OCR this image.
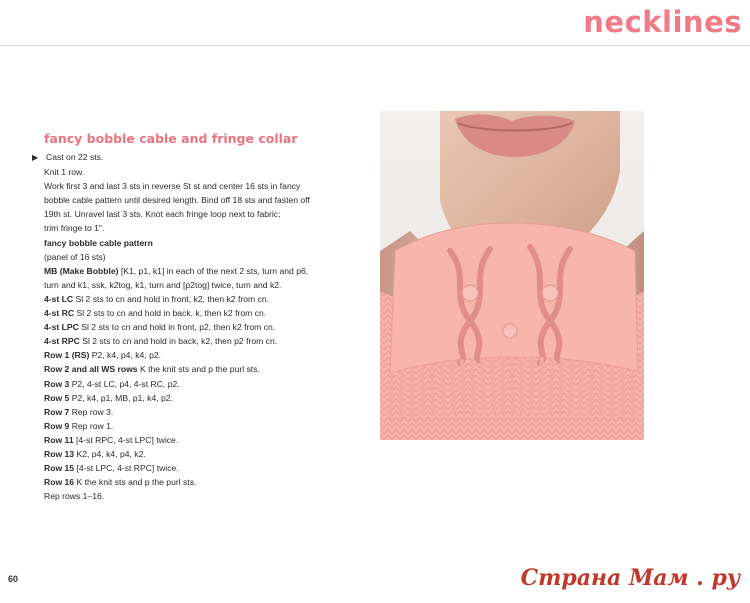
necklines
fancy bobble cable and fringe collar
▶ Cast on 22 sts.
Knit 1 row.
Work first 3 and last 3 sts in reverse St st and center 16 sts in fancy
bobble cable pattern until desired length. Bind off 18 sts and fasten off
19th st. Unravel last 3 sts. Knot each fringe loop next to fabric;
trim fringe to 1".
fancy bobble cable pattern
(panel of 16 sts)
MB (Make Bobble) [K1, p1, k1] in each of the next 2 sts, turn and p6,
turn and k1, ssk, k2tog, k1, turn and [p2tog] twice, turn and k2.
4-st LC Sl 2 sts to cn and hold in front, k2, then k2 from cn.
4-st RC Sl 2 sts to cn and hold in back, k, then k2 from cn.
4-st LPC Sl 2 sts to cn and hold in front, p2, then k2 from cn.
4-st RPC Sl 2 sts to cn and hold in back, k2, then p2 from cn.
Row 1 (RS) P2, k4, p4, k4, p2.
Row 2 and all WS rows K the knit sts and p the purl sts.
Row 3 P2, 4-st LC, p4, 4-st RC, p2.
Row 5 P2, k4, p1, MB, p1, k4, p2.
Row 7 Rep row 3.
Row 9 Rep row 1.
Row 11 [4-st RPC, 4-st LPC] twice.
Row 13 K2, p4, k4, p4, k2.
Row 15 [4-st LPC, 4-st RPC] twice.
Row 16 K the knit sts and p the purl sts.
Rep rows 1–16.
60	Страна Мам . ру
